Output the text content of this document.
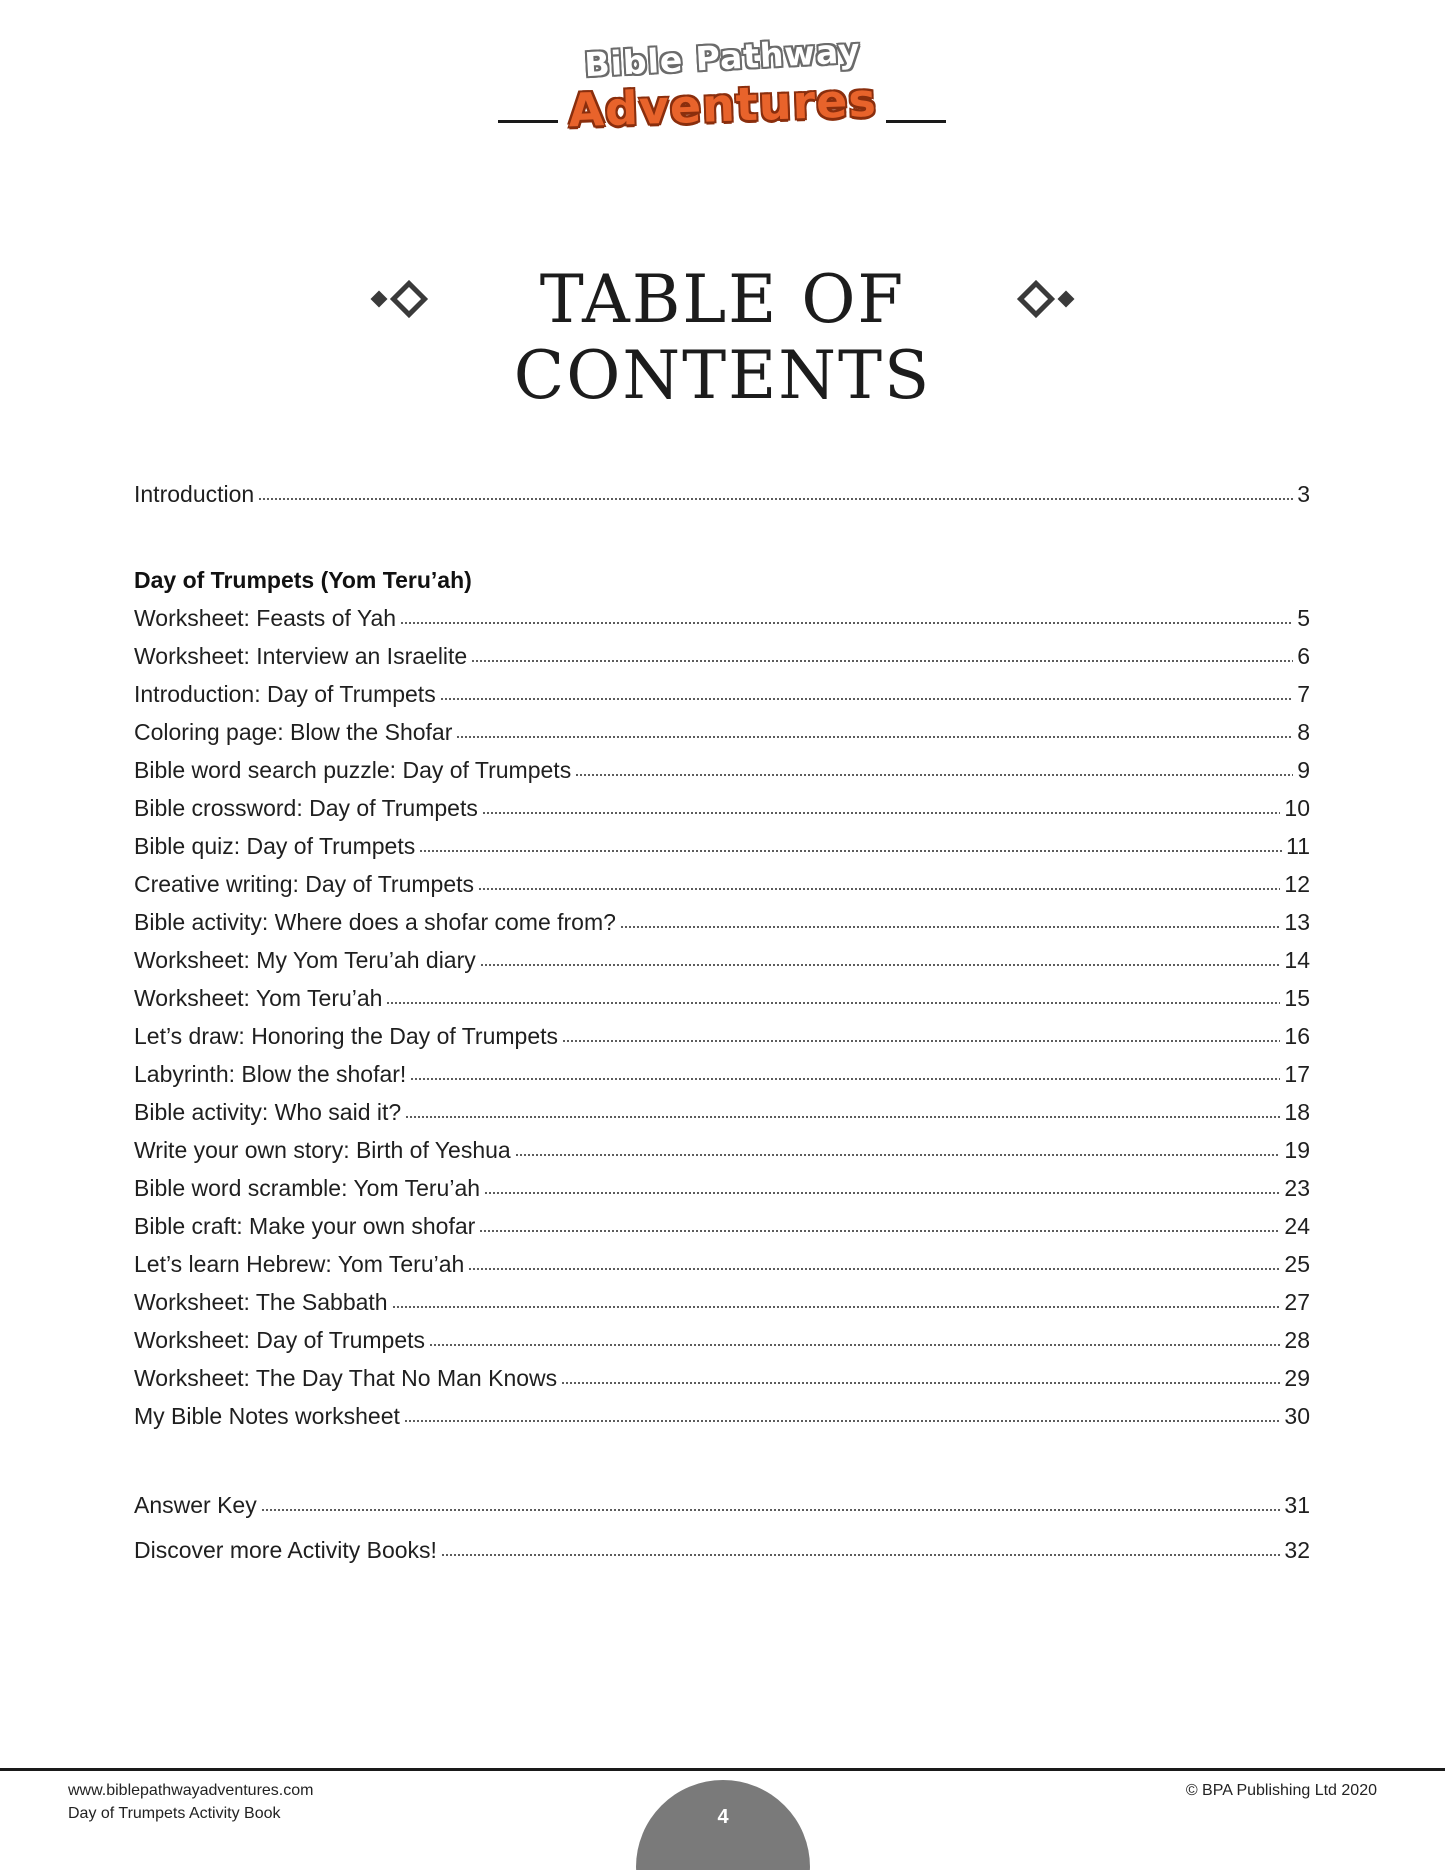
Bible Pathway
Adventures
TABLE OF CONTENTS
Introduction	3
Day of Trumpets (Yom Teru’ah)
Worksheet: Feasts of Yah	5
Worksheet: Interview an Israelite	6
Introduction: Day of Trumpets	7
Coloring page: Blow the Shofar	8
Bible word search puzzle: Day of Trumpets	9
Bible crossword: Day of Trumpets	10
Bible quiz: Day of Trumpets	11
Creative writing: Day of Trumpets	12
Bible activity: Where does a shofar come from?	13
Worksheet: My Yom Teru’ah diary	14
Worksheet: Yom Teru’ah	15
Let’s draw: Honoring the Day of Trumpets	16
Labyrinth: Blow the shofar!	17
Bible activity: Who said it?	18
Write your own story: Birth of Yeshua	19
Bible word scramble: Yom Teru’ah	23
Bible craft: Make your own shofar	24
Let’s learn Hebrew: Yom Teru’ah	25
Worksheet: The Sabbath	27
Worksheet: Day of Trumpets	28
Worksheet: The Day That No Man Knows	29
My Bible Notes worksheet	30
Answer Key	31
Discover more Activity Books!	32
www.biblepathwayadventures.com
Day of Trumpets Activity Book	4
© BPA Publishing Ltd 2020
